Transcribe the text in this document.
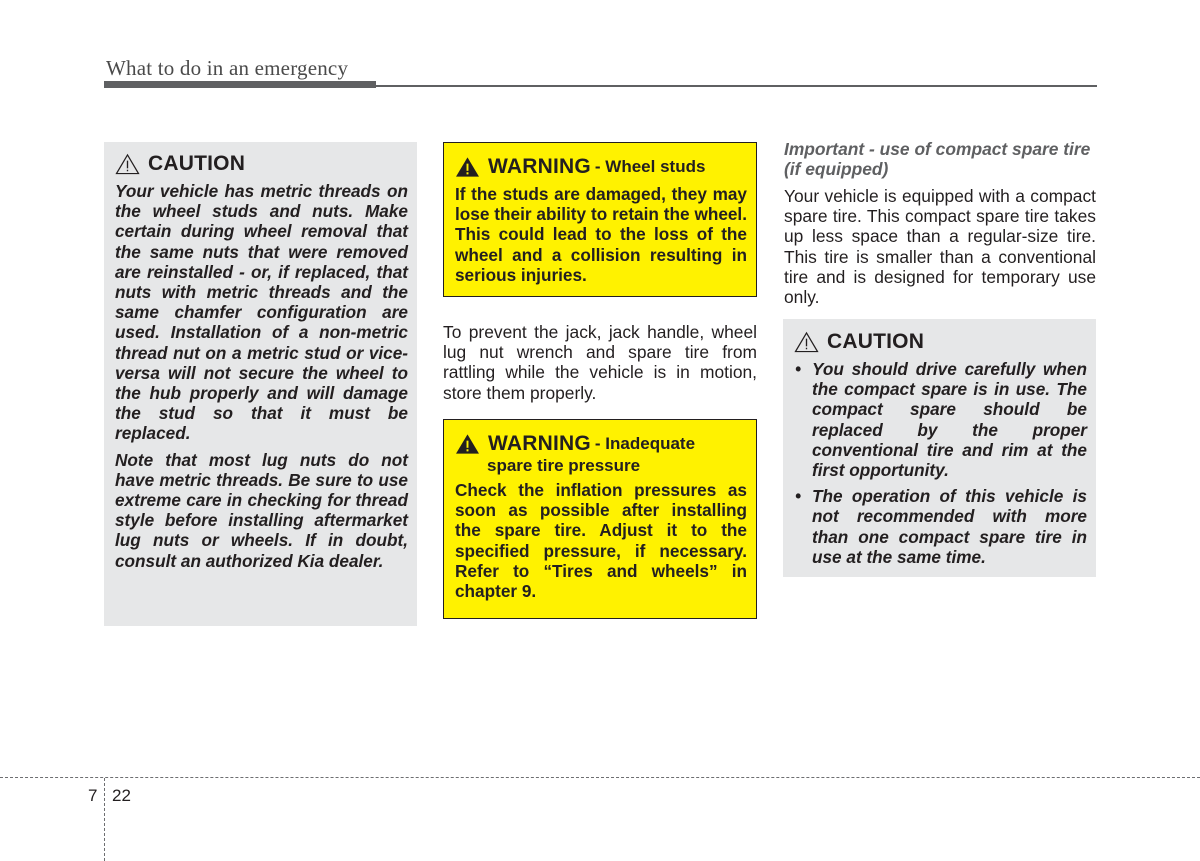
What to do in an emergency
CAUTION

Your vehicle has metric threads on the wheel studs and nuts. Make certain during wheel removal that the same nuts that were removed are reinstalled - or, if replaced, that nuts with metric threads and the same chamfer configuration are used. Installation of a non-metric thread nut on a metric stud or vice-versa will not secure the wheel to the hub properly and will damage the stud so that it must be replaced.

Note that most lug nuts do not have metric threads. Be sure to use extreme care in checking for thread style before installing aftermarket lug nuts or wheels. If in doubt, consult an authorized Kia dealer.

WARNING - Wheel studs
If the studs are damaged, they may lose their ability to retain the wheel. This could lead to the loss of the wheel and a collision resulting in serious injuries.
To prevent the jack, jack handle, wheel lug nut wrench and spare tire from rattling while the vehicle is in motion, store them properly.
WARNING - Inadequate
spare tire pressure
Check the inflation pressures as soon as possible after installing the spare tire. Adjust it to the specified pressure, if necessary. Refer to “Tires and wheels” in chapter 9.
Important - use of compact spare tire (if equipped)
Your vehicle is equipped with a compact spare tire. This compact spare tire takes up less space than a regular-size tire. This tire is smaller than a conventional tire and is designed for temporary use only.
CAUTION
• You should drive carefully when the compact spare is in use. The compact spare should be replaced by the proper conventional tire and rim at the first opportunity.
• The operation of this vehicle is not recommended with more than one compact spare tire in use at the same time.
7 22
